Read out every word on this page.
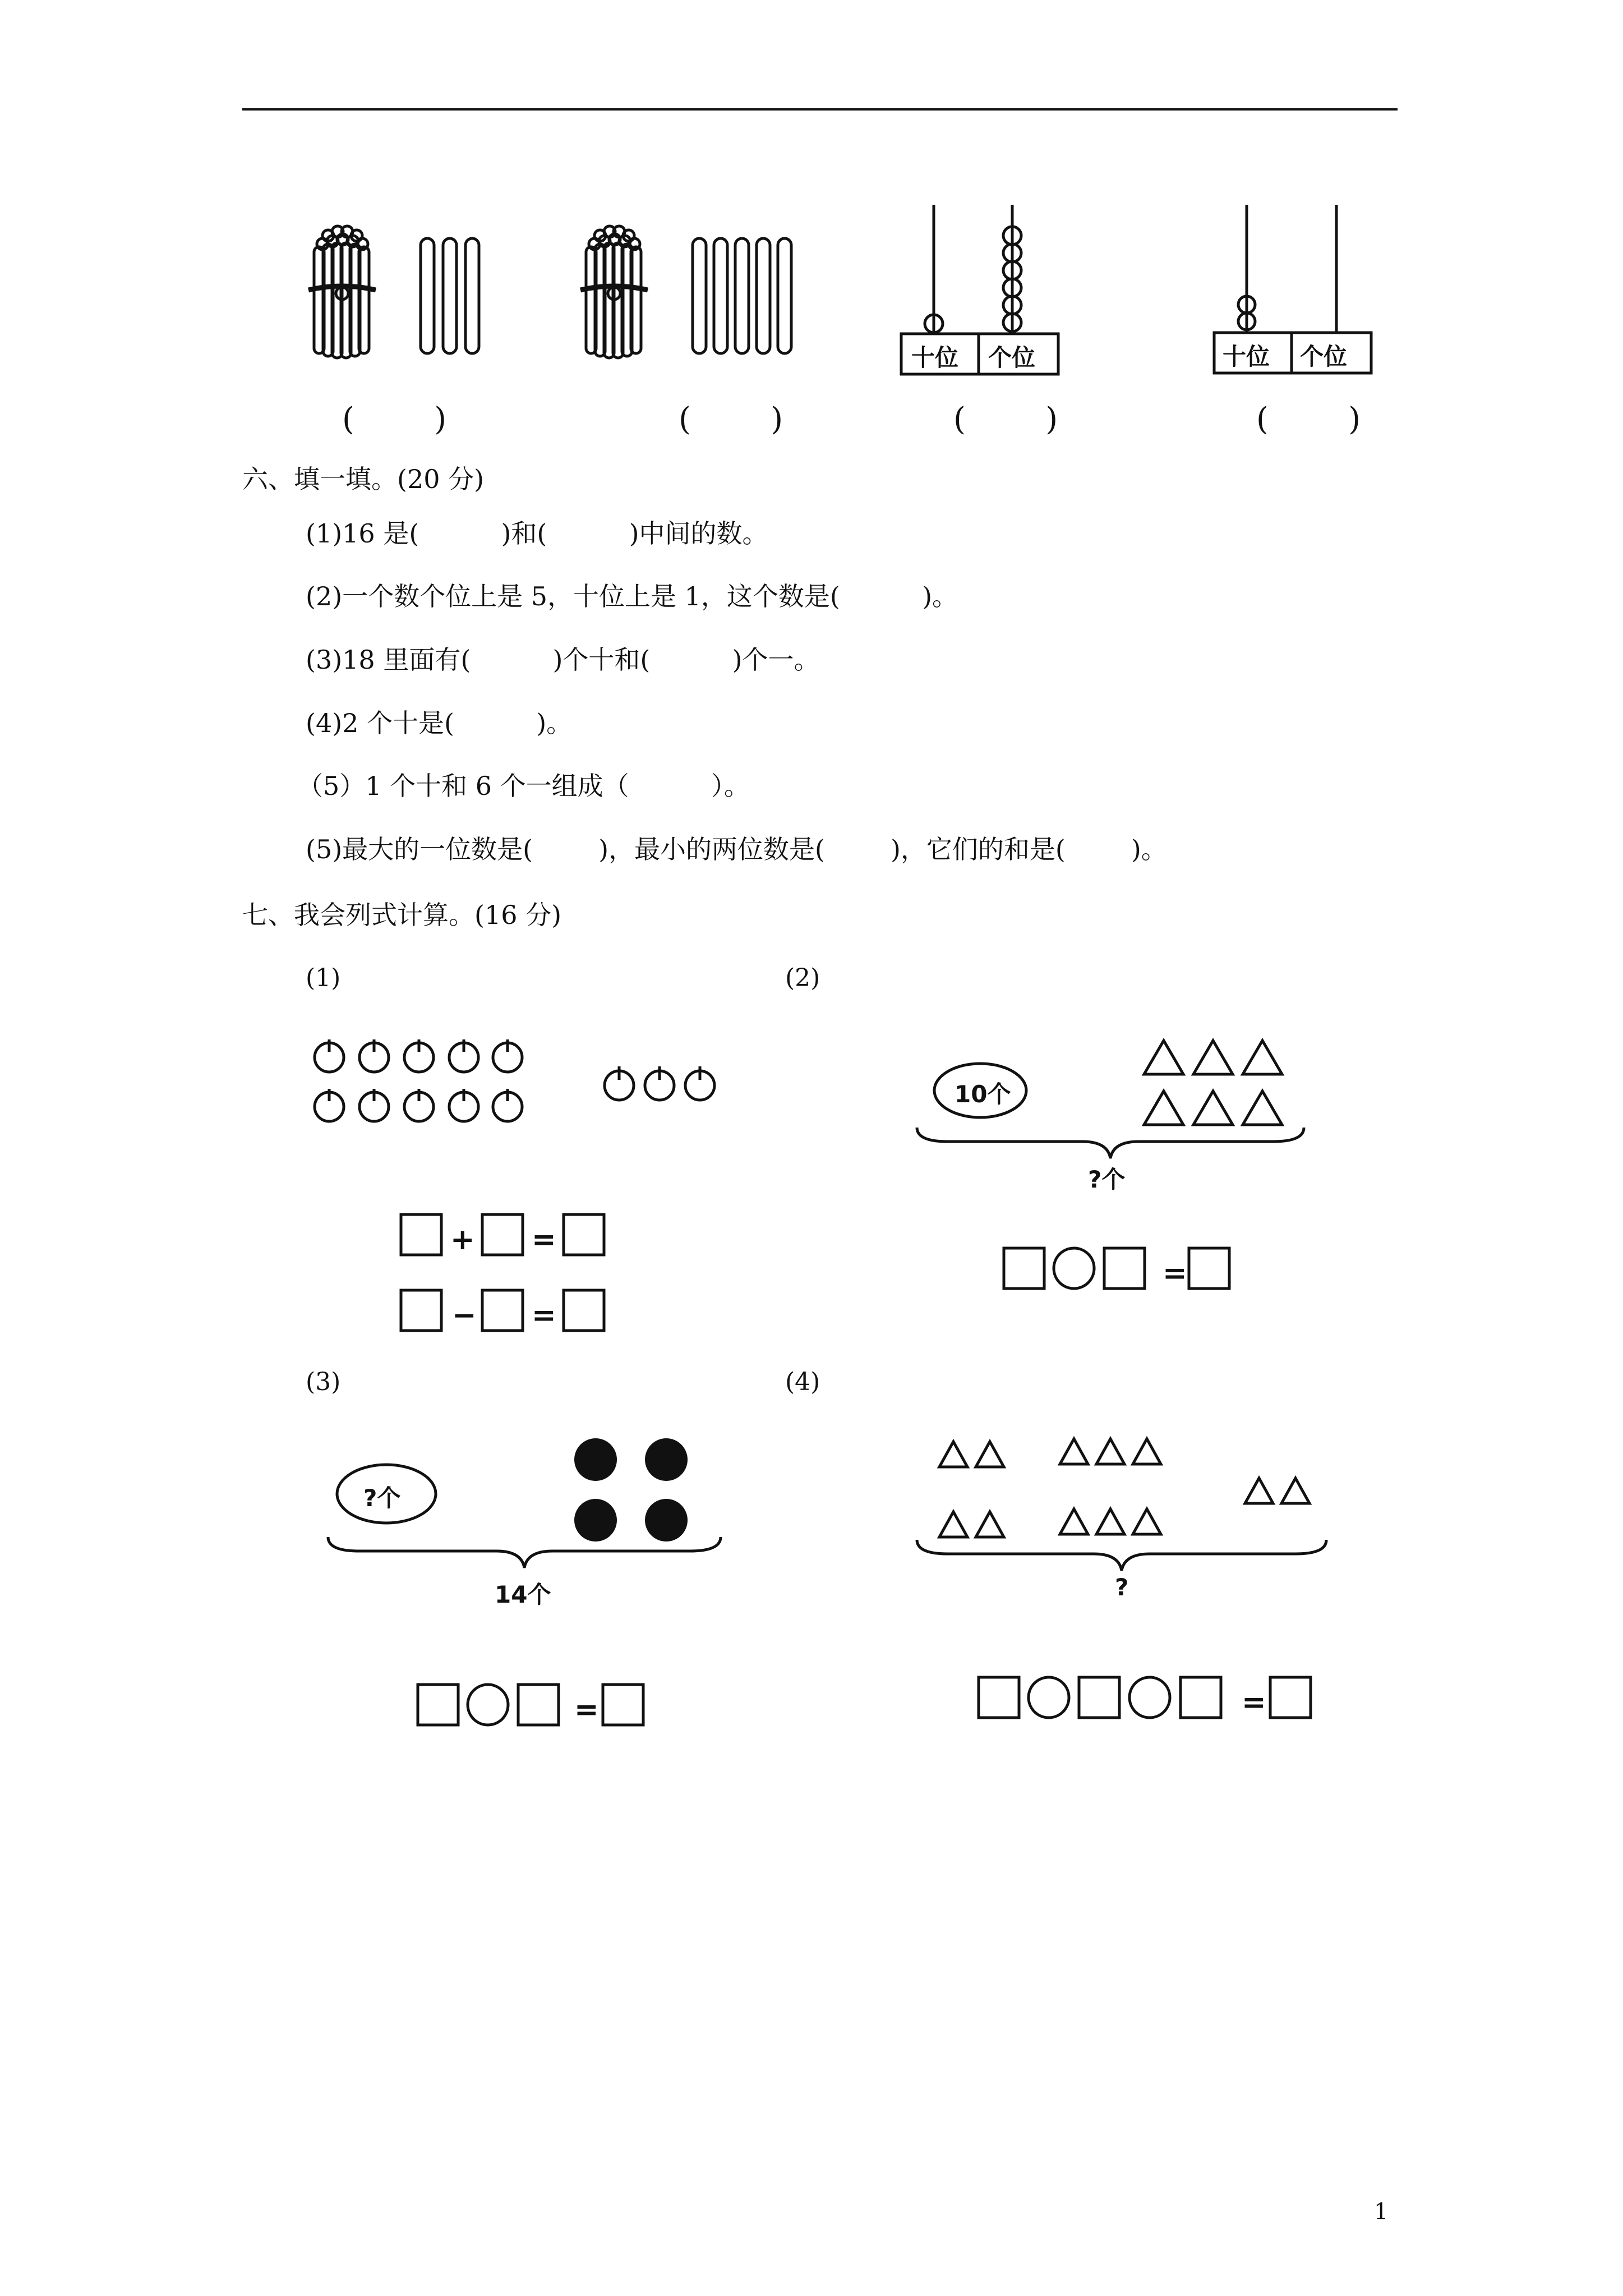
(        )	(        )
十位 个位
(        )
十位 个位
(        )
六、填一填。(20 分)
(1)16 是(          )和(          )中间的数。
(2)一个数个位上是 5，十位上是 1，这个数是(          )。
(3)18 里面有(          )个十和(          )个一。
(4)2 个十是(          )。
（5）1 个十和 6 个一组成（          ）。
(5)最大的一位数是(        )，最小的两位数是(        )，它们的和是(        )。
七、我会列式计算。(16 分)
(1)
+ =
− =
(2)
10个
?个
=
(3)
?个
14个
=
(4)
?
=
1
